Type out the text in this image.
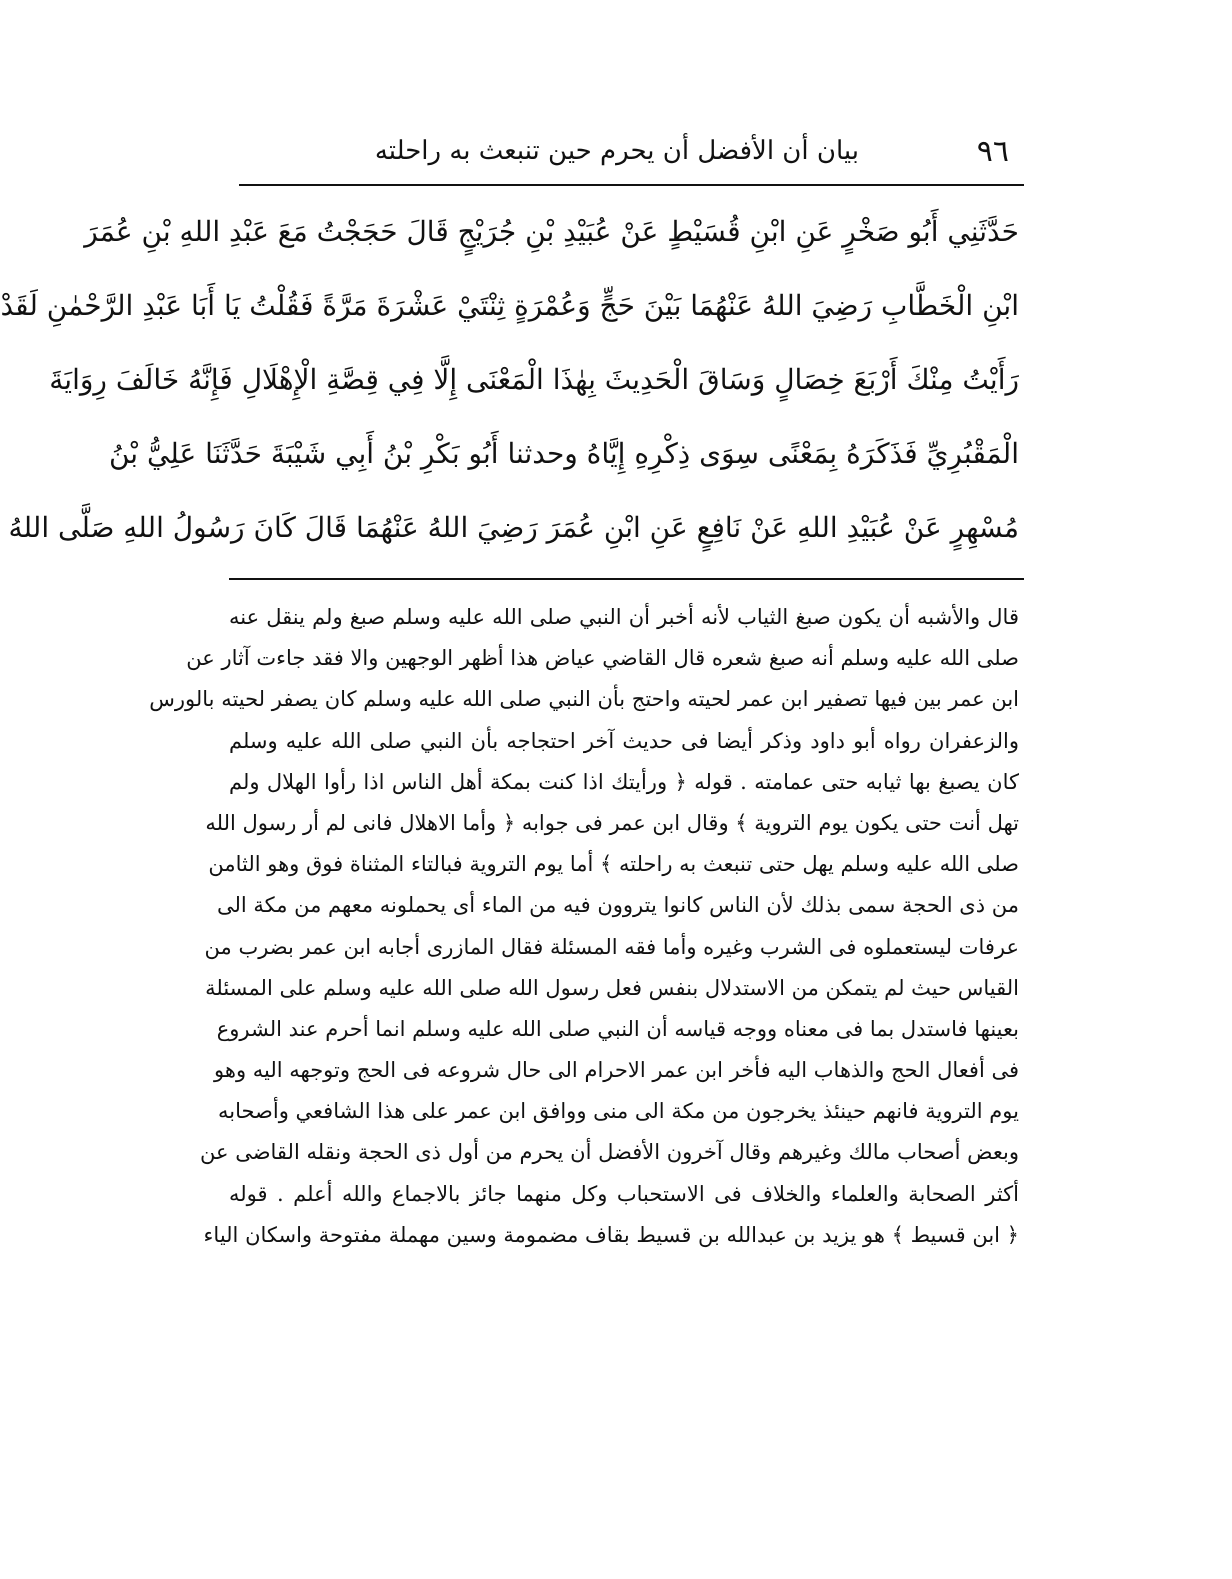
٩٦
بيان أن الأفضل أن يحرم حين تنبعث به راحلته
حَدَّثَنِي أَبُو صَخْرٍ عَنِ ابْنِ قُسَيْطٍ عَنْ عُبَيْدِ بْنِ جُرَيْجٍ قَالَ حَجَجْتُ مَعَ عَبْدِ اللهِ بْنِ عُمَرَ
ابْنِ الْخَطَّابِ رَضِيَ اللهُ عَنْهُمَا بَيْنَ حَجٍّ وَعُمْرَةٍ ثِنْتَيْ عَشْرَةَ مَرَّةً فَقُلْتُ يَا أَبَا عَبْدِ الرَّحْمٰنِ لَقَدْ
رَأَيْتُ مِنْكَ أَرْبَعَ خِصَالٍ وَسَاقَ الْحَدِيثَ بِهٰذَا الْمَعْنَى إِلَّا فِي قِصَّةِ الْإِهْلَالِ فَإِنَّهُ خَالَفَ رِوَايَةَ
الْمَقْبُرِيِّ فَذَكَرَهُ بِمَعْنًى سِوَى ذِكْرِهِ إِيَّاهُ وحدثنا أَبُو بَكْرِ بْنُ أَبِي شَيْبَةَ حَدَّثَنَا عَلِيُّ بْنُ
مُسْهِرٍ عَنْ عُبَيْدِ اللهِ عَنْ نَافِعٍ عَنِ ابْنِ عُمَرَ رَضِيَ اللهُ عَنْهُمَا قَالَ كَانَ رَسُولُ اللهِ صَلَّى اللهُ
قال والأشبه أن يكون صبغ الثياب لأنه أخبر أن النبي صلى الله عليه وسلم صبغ ولم ينقل عنه
صلى الله عليه وسلم أنه صبغ شعره قال القاضي عياض هذا أظهر الوجهين والا فقد جاءت آثار عن
ابن عمر بين فيها تصفير ابن عمر لحيته واحتج بأن النبي صلى الله عليه وسلم كان يصفر لحيته بالورس
والزعفران رواه أبو داود وذكر أيضا فى حديث آخر احتجاجه بأن النبي صلى الله عليه وسلم
كان يصبغ بها ثيابه حتى عمامته . قوله ﴿ ورأيتك اذا كنت بمكة أهل الناس اذا رأوا الهلال ولم
تهل أنت حتى يكون يوم التروية ﴾ وقال ابن عمر فى جوابه ﴿ وأما الاهلال فانى لم أر رسول الله
صلى الله عليه وسلم يهل حتى تنبعث به راحلته ﴾ أما يوم التروية فبالتاء المثناة فوق وهو الثامن
من ذى الحجة سمى بذلك لأن الناس كانوا يتروون فيه من الماء أى يحملونه معهم من مكة الى
عرفات ليستعملوه فى الشرب وغيره وأما فقه المسئلة فقال المازرى أجابه ابن عمر بضرب من
القياس حيث لم يتمكن من الاستدلال بنفس فعل رسول الله صلى الله عليه وسلم على المسئلة
بعينها فاستدل بما فى معناه ووجه قياسه أن النبي صلى الله عليه وسلم انما أحرم عند الشروع
فى أفعال الحج والذهاب اليه فأخر ابن عمر الاحرام الى حال شروعه فى الحج وتوجهه اليه وهو
يوم التروية فانهم حينئذ يخرجون من مكة الى منى ووافق ابن عمر على هذا الشافعي وأصحابه
وبعض أصحاب مالك وغيرهم وقال آخرون الأفضل أن يحرم من أول ذى الحجة ونقله القاضى عن
أكثر الصحابة والعلماء والخلاف فى الاستحباب وكل منهما جائز بالاجماع والله أعلم . قوله
﴿ ابن قسيط ﴾ هو يزيد بن عبدالله بن قسيط بقاف مضمومة وسين مهملة مفتوحة واسكان الياء
